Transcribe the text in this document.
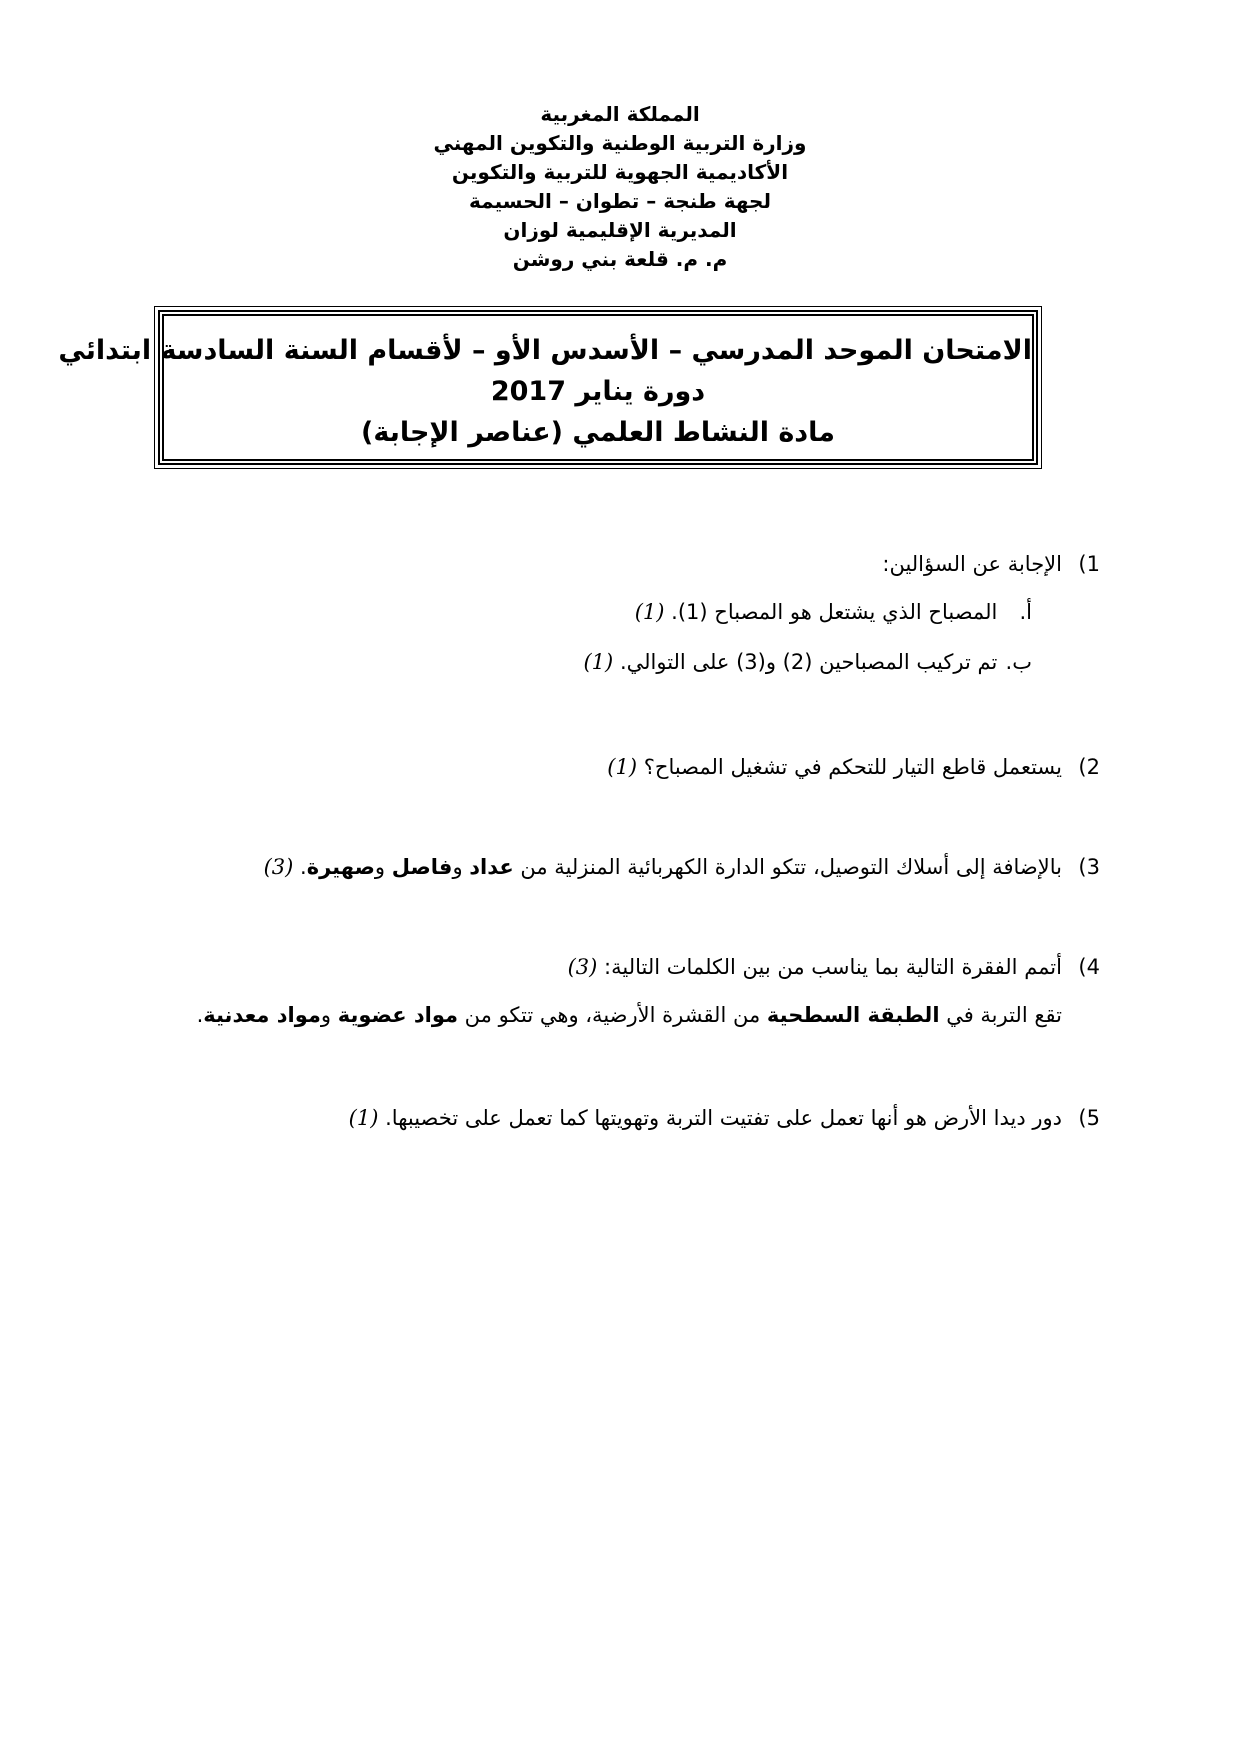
المملكة المغربية
وزارة التربية الوطنية والتكوين المهني
الأكاديمية الجهوية للتربية والتكوين
لجهة طنجة – تطوان – الحسيمة
المديرية الإقليمية لوزان
م. م. قلعة بني روشن
الامتحان الموحد المدرسي – الأسدس الأو – لأقسام السنة السادسة ابتدائي
دورة يناير 2017
مادة النشاط العلمي (عناصر الإجابة)
1)الإجابة عن السؤالين:
أ. المصباح الذي يشتعل هو المصباح (1). (1)
ب. تم تركيب المصباحين (2) و(3) على التوالي. (1)
2)يستعمل قاطع التيار للتحكم في تشغيل المصباح؟ (1)
3)بالإضافة إلى أسلاك التوصيل، تتكو الدارة الكهربائية المنزلية من عداد وفاصل وصهيرة. (3)
4)أتمم الفقرة التالية بما يناسب من بين الكلمات التالية: (3)
تقع التربة في الطبقة السطحية من القشرة الأرضية، وهي تتكو من مواد عضوية ومواد معدنية.
5)دور ديدا الأرض هو أنها تعمل على تفتيت التربة وتهويتها كما تعمل على تخصيبها. (1)
